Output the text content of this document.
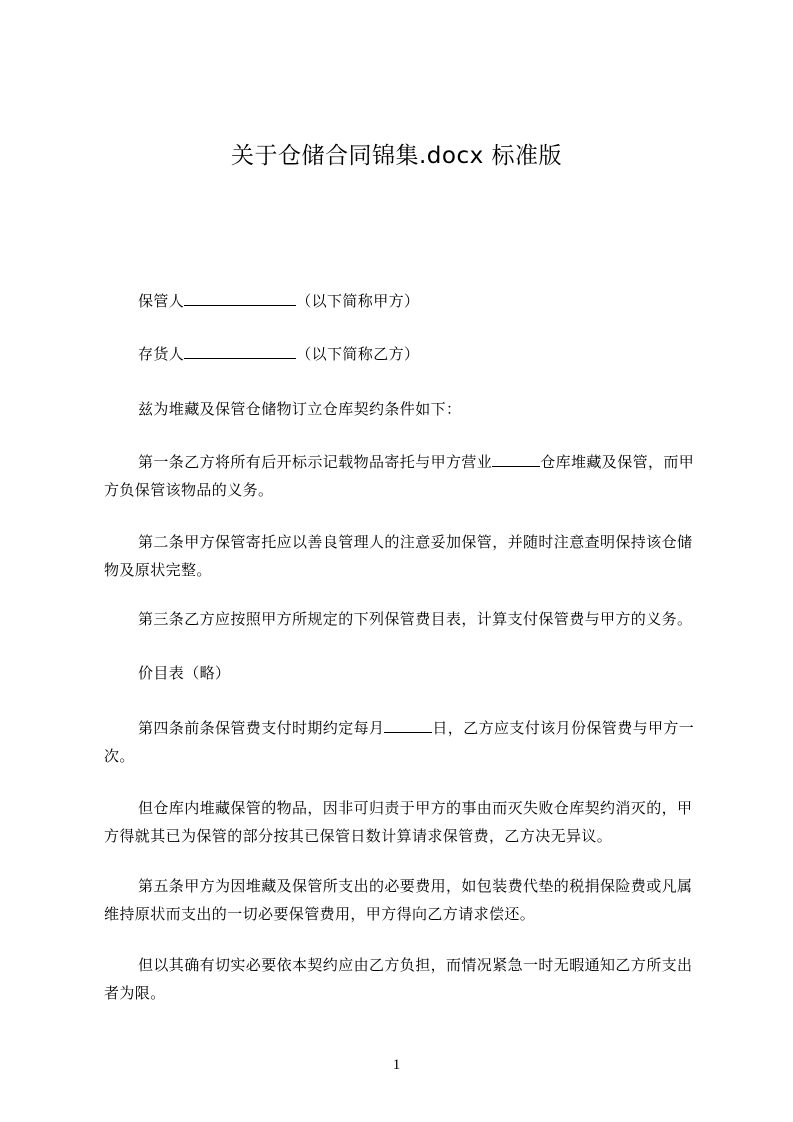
关于仓储合同锦集.docx 标准版

保管人	（以下简称甲方）

存货人	（以下简称乙方）

兹为堆藏及保管仓储物订立仓库契约条件如下：

第一条乙方将所有后开标示记载物品寄托与甲方营业	仓库堆藏及保管，而甲方负保管该物品的义务。

第二条甲方保管寄托应以善良管理人的注意妥加保管，并随时注意查明保持该仓储物及原状完整。

第三条乙方应按照甲方所规定的下列保管费目表，计算支付保管费与甲方的义务。

价目表（略）

第四条前条保管费支付时期约定每月	日，乙方应支付该月份保管费与甲方一次。

但仓库内堆藏保管的物品，因非可归责于甲方的事由而灭失败仓库契约消灭的，甲方得就其已为保管的部分按其已保管日数计算请求保管费，乙方决无异议。

第五条甲方为因堆藏及保管所支出的必要费用，如包装费代垫的税捐保险费或凡属维持原状而支出的一切必要保管费用，甲方得向乙方请求偿还。

但以其确有切实必要依本契约应由乙方负担，而情况紧急一时无暇通知乙方所支出者为限。

1
